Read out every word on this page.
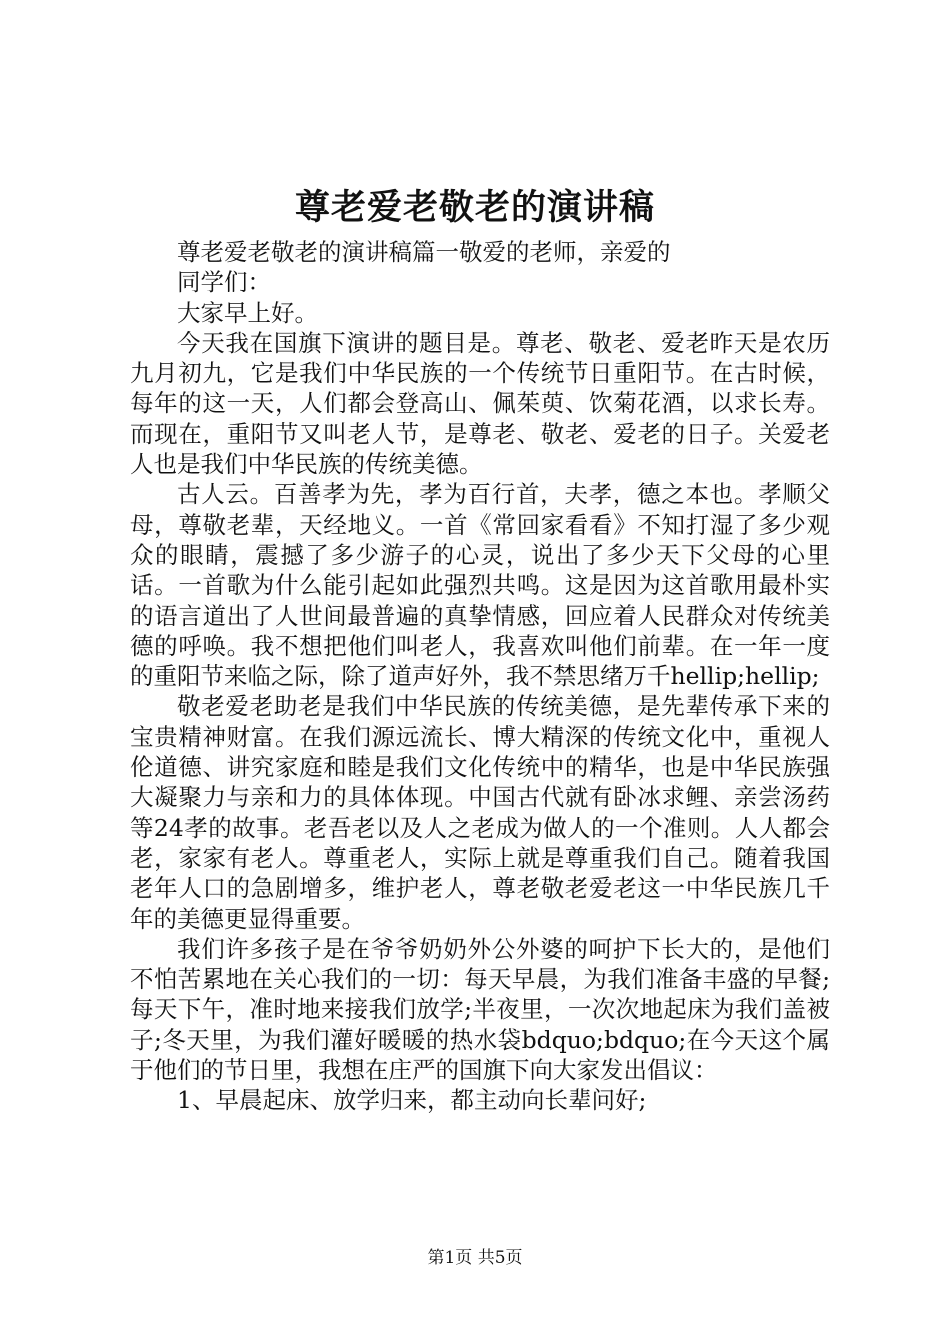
尊老爱老敬老的演讲稿

尊老爱老敬老的演讲稿篇一敬爱的老师，亲爱的

同学们：

大家早上好。

今天我在国旗下演讲的题目是。尊老、敬老、爱老昨天是农历九月初九，它是我们中华民族的一个传统节日重阳节。在古时候，每年的这一天，人们都会登高山、佩茱萸、饮菊花酒，以求长寿。而现在，重阳节又叫老人节，是尊老、敬老、爱老的日子。关爱老人也是我们中华民族的传统美德。

古人云。百善孝为先，孝为百行首，夫孝，德之本也。孝顺父母，尊敬老辈，天经地义。一首《常回家看看》不知打湿了多少观众的眼睛，震撼了多少游子的心灵，说出了多少天下父母的心里话。一首歌为什么能引起如此强烈共鸣。这是因为这首歌用最朴实的语言道出了人世间最普遍的真挚情感，回应着人民群众对传统美德的呼唤。我不想把他们叫老人，我喜欢叫他们前辈。在一年一度的重阳节来临之际，除了道声好外，我不禁思绪万千hellip;hellip;

敬老爱老助老是我们中华民族的传统美德，是先辈传承下来的宝贵精神财富。在我们源远流长、博大精深的传统文化中，重视人伦道德、讲究家庭和睦是我们文化传统中的精华，也是中华民族强大凝聚力与亲和力的具体体现。中国古代就有卧冰求鲤、亲尝汤药等24孝的故事。老吾老以及人之老成为做人的一个准则。人人都会老，家家有老人。尊重老人，实际上就是尊重我们自己。随着我国老年人口的急剧增多，维护老人，尊老敬老爱老这一中华民族几千年的美德更显得重要。

我们许多孩子是在爷爷奶奶外公外婆的呵护下长大的，是他们不怕苦累地在关心我们的一切：每天早晨，为我们准备丰盛的早餐;每天下午，准时地来接我们放学;半夜里，一次次地起床为我们盖被子;冬天里，为我们灌好暖暖的热水袋bdquo;bdquo;在今天这个属于他们的节日里，我想在庄严的国旗下向大家发出倡议：

1、早晨起床、放学归来，都主动向长辈问好;

第1页 共5页
